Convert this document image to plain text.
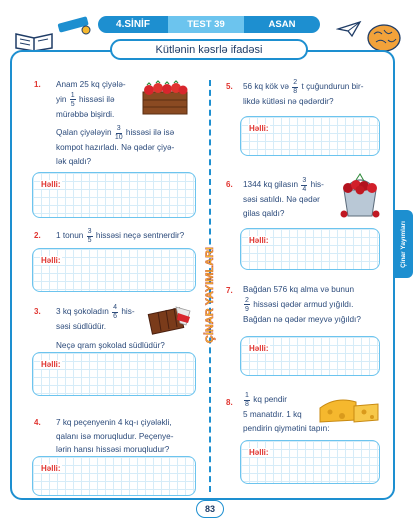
4.SİNİF	TEST 39	ASAN
Kütlənin kəsrlə ifadəsi
1. Anam 25 kq çiyələ-
yin $\frac{1}{5}$ hissəsi ilə
mürəbbə bişirdi.
Qalan çiyələyin $\frac{3}{10}$ hissəsi ilə isə
kompot hazırladı. Nə qədər çiyə-
lək qaldı?
Həlli:
2. 1 tonun $\frac{3}{5}$ hissəsi neçə sentnerdir?
Həlli:
3. 3 kq şokoladın $\frac{4}{6} his-$
səsi südlüdür.
Neçə qram şokolad südlüdür?
Həlli:
4. 7 kq peçenyenin 4 kq-ı çiyələkli,
qalanı isə moruqludur. Peçenye-
lərin hansı hissəsi moruqludur?
Həlli:
ÇİNAR YAYIMLARI
5. 56 kq kök və $\frac{2}{8}$ t çuğundurun bir-
likdə kütləsi nə qədərdir?
Həlli:
6. 1344 kq gilasın $\frac{3}{4} his-$
səsi satıldı. Nə qədər
gilas qaldı?
Həlli:
7. Bağdan 576 kq alma və bunun
$\frac{2}{9}$ hissəsi qədər armud yığıldı.
Bağdan nə qədər meyvə yığıldı?
Həlli:
8. $\frac{1}{8}$ kq pendir
5 manatdır. 1 kq
pendirin qiymətini tapın:
Həlli:
Çinar Yayımları
83
